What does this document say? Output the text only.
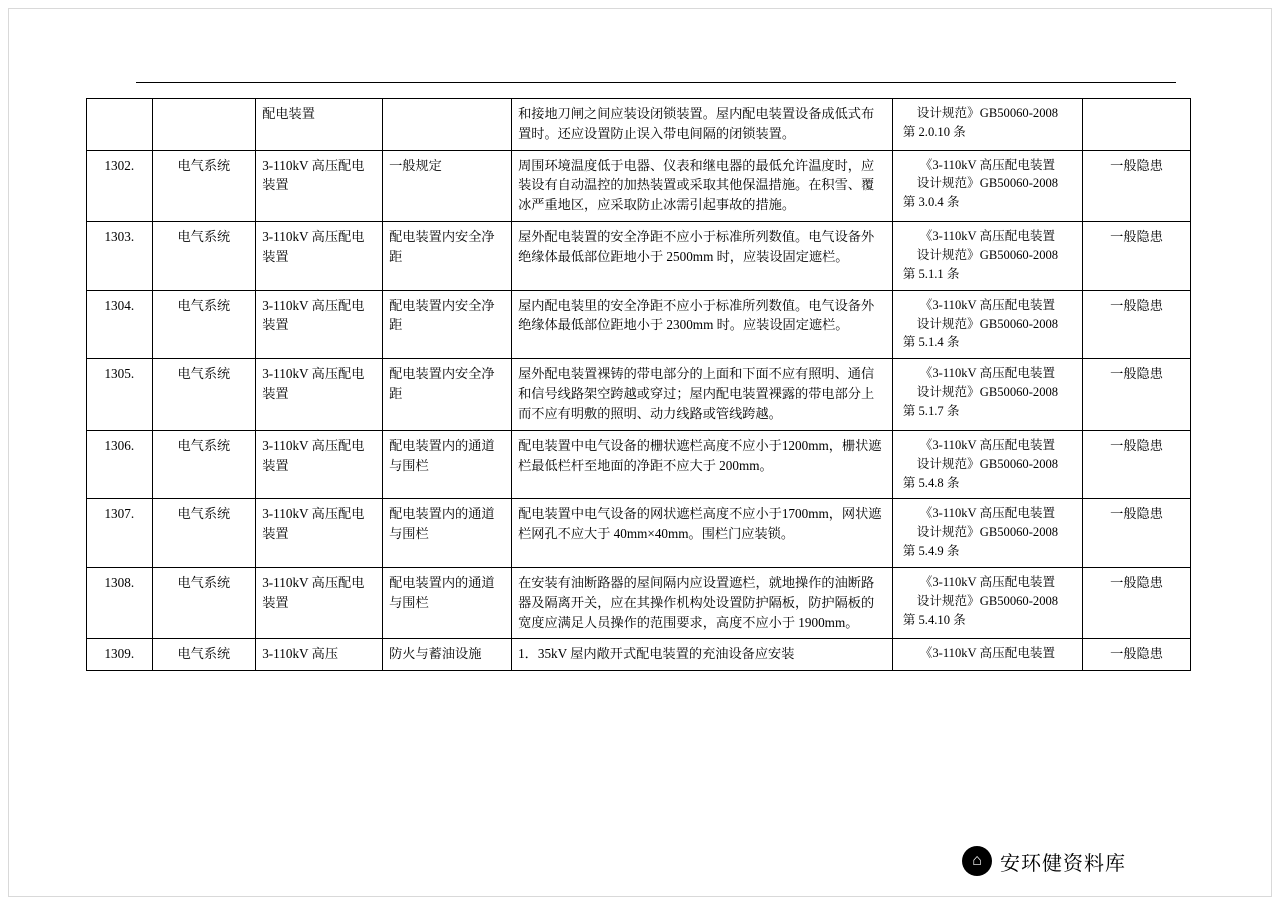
		配电装置		和接地刀闸之间应装设闭锁装置。屋内配电装置设备成低式布置时。还应设置防止误入带电间隔的闭锁装置。	设计规范》GB50060-2008
第 2.0.10 条	

1302.	电气系统	3-110kV 高压配电装置	一般规定	周围环境温度低于电器、仪表和继电器的最低允许温度时，应装设有自动温控的加热装置或采取其他保温措施。在积雪、覆冰严重地区，应采取防止冰需引起事故的措施。	《3-110kV 高压配电装置
设计规范》GB50060-2008
第 3.0.4 条	一般隐患
1303.	电气系统	3-110kV 高压配电装置	配电装置内安全净距	屋外配电装置的安全净距不应小于标准所列数值。电气设备外绝缘体最低部位距地小于 2500mm 时，应装设固定遮栏。	《3-110kV 高压配电装置
设计规范》GB50060-2008
第 5.1.1 条	一般隐患
1304.	电气系统	3-110kV 高压配电装置	配电装置内安全净距	屋内配电装里的安全净距不应小于标准所列数值。电气设备外绝缘体最低部位距地小于 2300mm 时。应装设固定遮栏。	《3-110kV 高压配电装置
设计规范》GB50060-2008
第 5.1.4 条	一般隐患
1305.	电气系统	3-110kV 高压配电装置	配电装置内安全净距	屋外配电装置裸铸的带电部分的上面和下面不应有照明、通信和信号线路架空跨越或穿过；屋内配电装置裸露的带电部分上而不应有明敷的照明、动力线路或管线跨越。	《3-110kV 高压配电装置
设计规范》GB50060-2008
第 5.1.7 条	一般隐患
1306.	电气系统	3-110kV 高压配电装置	配电装置内的通道与围栏	配电装置中电气设备的栅状遮栏高度不应小于1200mm，栅状遮栏最低栏杆至地面的净距不应大于 200mm。	《3-110kV 高压配电装置
设计规范》GB50060-2008
第 5.4.8 条	一般隐患
1307.	电气系统	3-110kV 高压配电装置	配电装置内的通道与围栏	配电装置中电气设备的网状遮栏高度不应小于1700mm，网状遮栏网孔不应大于 40mm×40mm。围栏门应装锁。	《3-110kV 高压配电装置
设计规范》GB50060-2008
第 5.4.9 条	一般隐患
1308.	电气系统	3-110kV 高压配电装置	配电装置内的通道与围栏	在安装有油断路器的屋间隔内应设置遮栏，就地操作的油断路器及隔离开关，应在其操作机构处设置防护隔板，防护隔板的宽度应满足人员操作的范围要求，高度不应小于 1900mm。	《3-110kV 高压配电装置
设计规范》GB50060-2008
第 5.4.10 条	一般隐患
1309.	电气系统	3-110kV 高压	防火与蓄油设施	1．35kV 屋内敞开式配电装置的充油设备应安装	《3-110kV 高压配电装置	一般隐患
⌂ 安环健资料库
